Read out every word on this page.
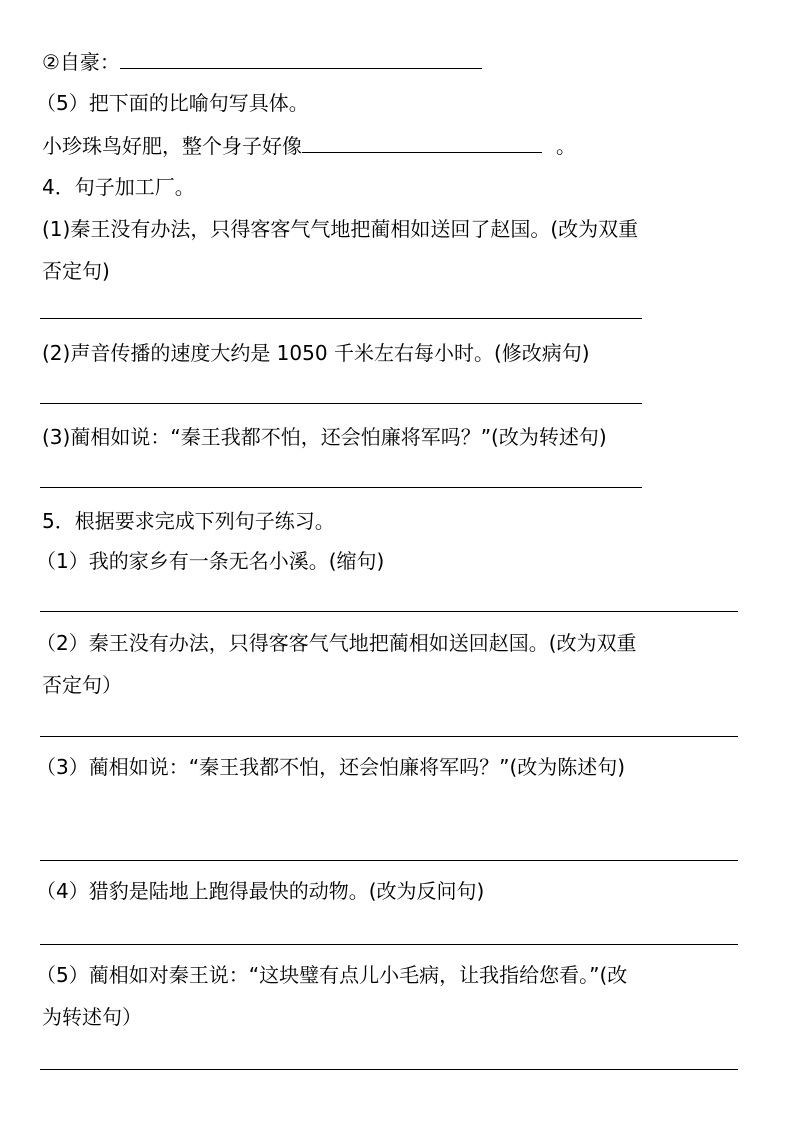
②自豪：
（5）把下面的比喻句写具体。
小珍珠鸟好肥，整个身子好像	。
4．句子加工厂。
(1)秦王没有办法，只得客客气气地把蔺相如送回了赵国。(改为双重
否定句)
(2)声音传播的速度大约是 1050 千米左右每小时。(修改病句)
(3)蔺相如说：“秦王我都不怕，还会怕廉将军吗？”(改为转述句)
5．根据要求完成下列句子练习。
（1）我的家乡有一条无名小溪。(缩句)
（2）秦王没有办法，只得客客气气地把蔺相如送回赵国。(改为双重
否定句）
（3）蔺相如说：“秦王我都不怕，还会怕廉将军吗？”(改为陈述句)
（4）猎豹是陆地上跑得最快的动物。(改为反问句)
（5）蔺相如对秦王说：“这块璧有点儿小毛病，让我指给您看。”(改
为转述句）
